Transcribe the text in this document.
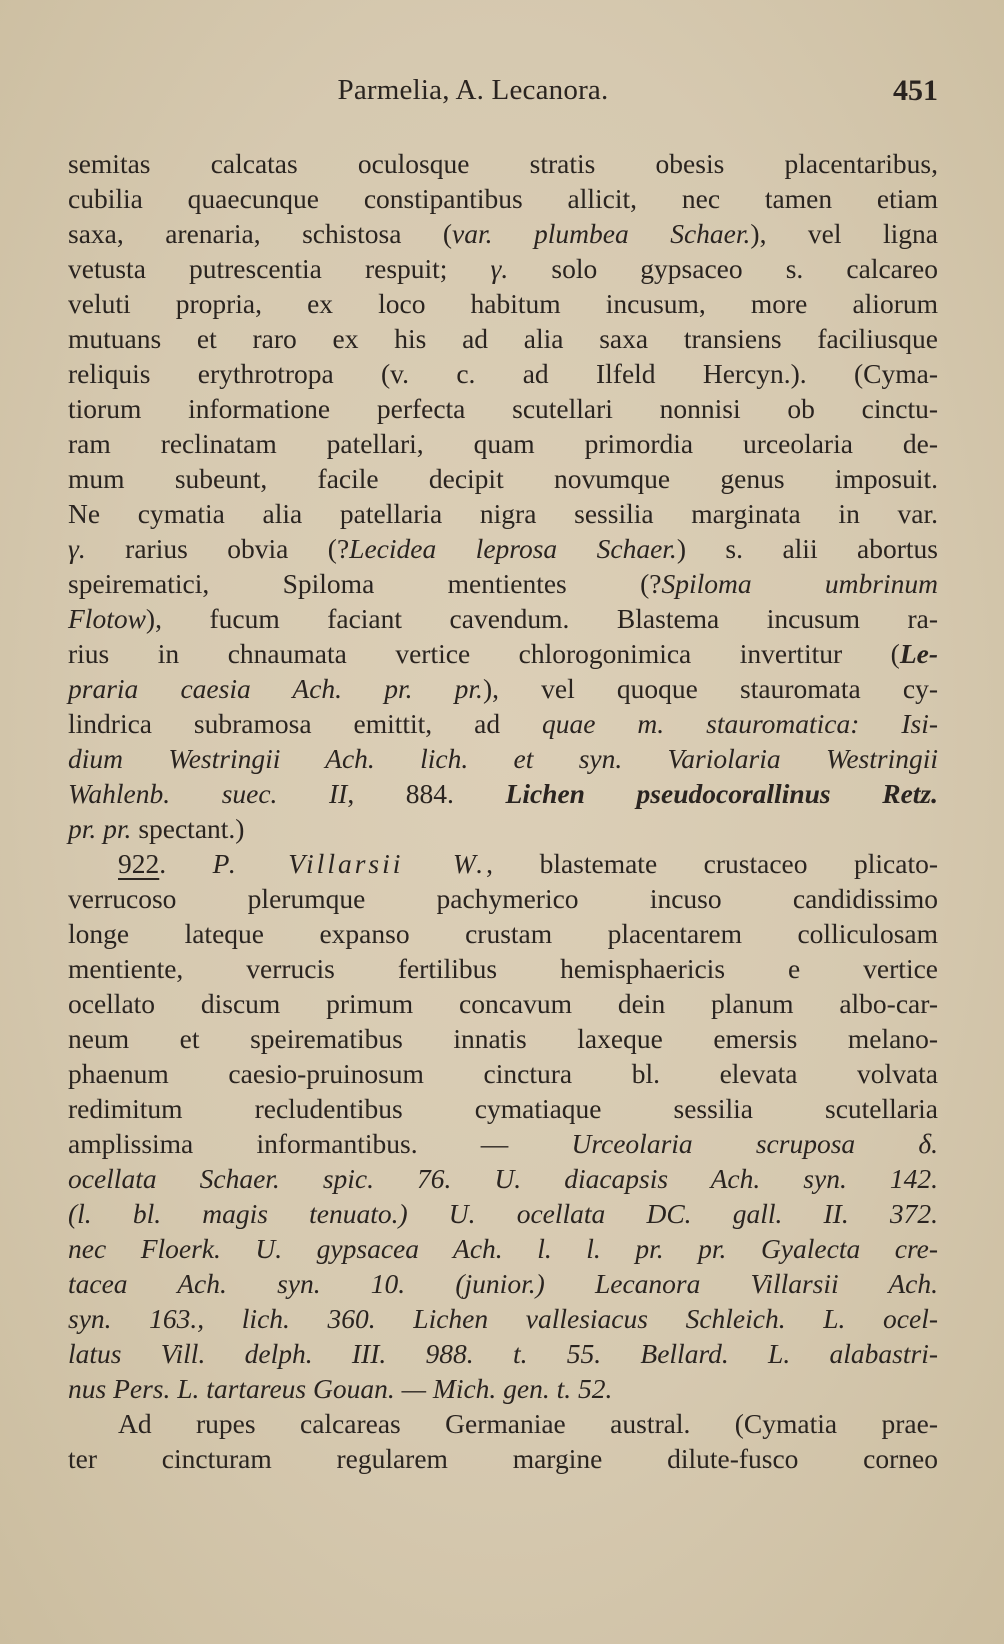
Parmelia, A. Lecanora.	451
semitas calcatas oculosque stratis obesis placentaribus,
cubilia quaecunque constipantibus allicit, nec tamen etiam
saxa, arenaria, schistosa (var. plumbea Schaer.), vel ligna
vetusta putrescentia respuit; γ. solo gypsaceo s. calcareo
veluti propria, ex loco habitum incusum, more aliorum
mutuans et raro ex his ad alia saxa transiens faciliusque
reliquis erythrotropa (v. c. ad Ilfeld Hercyn.). (Cyma-
tiorum informatione perfecta scutellari nonnisi ob cinctu-
ram reclinatam patellari, quam primordia urceolaria de-
mum subeunt, facile decipit novumque genus imposuit.
Ne cymatia alia patellaria nigra sessilia marginata in var.
γ. rarius obvia (?Lecidea leprosa Schaer.) s. alii abortus
speirematici, Spiloma mentientes (?Spiloma umbrinum
Flotow), fucum faciant cavendum. Blastema incusum ra-
rius in chnaumata vertice chlorogonimica invertitur (Le-
praria caesia Ach. pr. pr.), vel quoque stauromata cy-
lindrica subramosa emittit, ad quae m. stauromatica: Isi-
dium Westringii Ach. lich. et syn. Variolaria Westringii
Wahlenb. suec. II, 884. Lichen pseudocorallinus Retz.
pr. pr. spectant.)
922. P. Villarsii W., blastemate crustaceo plicato-
verrucoso plerumque pachymerico incuso candidissimo
longe lateque expanso crustam placentarem colliculosam
mentiente, verrucis fertilibus hemisphaericis e vertice
ocellato discum primum concavum dein planum albo-car-
neum et speirematibus innatis laxeque emersis melano-
phaenum caesio-pruinosum cinctura bl. elevata volvata
redimitum recludentibus cymatiaque sessilia scutellaria
amplissima informantibus. — Urceolaria scruposa δ.
ocellata Schaer. spic. 76. U. diacapsis Ach. syn. 142.
(l. bl. magis tenuato.) U. ocellata DC. gall. II. 372.
nec Floerk. U. gypsacea Ach. l. l. pr. pr. Gyalecta cre-
tacea Ach. syn. 10. (junior.) Lecanora Villarsii Ach.
syn. 163., lich. 360. Lichen vallesiacus Schleich. L. ocel-
latus Vill. delph. III. 988. t. 55. Bellard. L. alabastri-
nus Pers. L. tartareus Gouan. — Mich. gen. t. 52.
Ad rupes calcareas Germaniae austral. (Cymatia prae-
ter cincturam regularem margine dilute-fusco corneo
